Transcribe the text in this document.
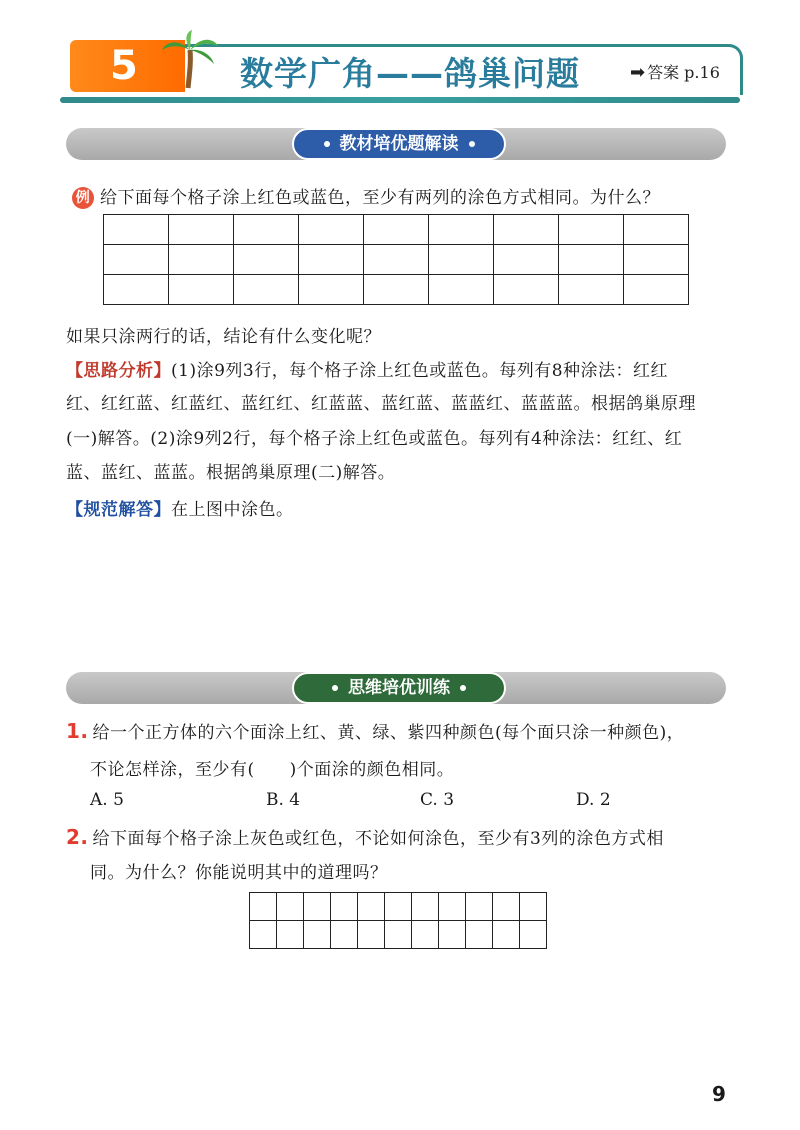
5	数学广角——鸽巢问题	➡ 答案 p.16
教材培优题解读
例 给下面每个格子涂上红色或蓝色，至少有两列的涂色方式相同。为什么？

如果只涂两行的话，结论有什么变化呢？
【思路分析】(1)涂9列3行，每个格子涂上红色或蓝色。每列有8种涂法：红红
红、红红蓝、红蓝红、蓝红红、红蓝蓝、蓝红蓝、蓝蓝红、蓝蓝蓝。根据鸽巢原理
(一)解答。(2)涂9列2行，每个格子涂上红色或蓝色。每列有4种涂法：红红、红
蓝、蓝红、蓝蓝。根据鸽巢原理(二)解答。
【规范解答】在上图中涂色。
思维培优训练
1. 给一个正方体的六个面涂上红、黄、绿、紫四种颜色(每个面只涂一种颜色)，
不论怎样涂，至少有(　　)个面涂的颜色相同。
A. 5	B. 4	C. 3	D. 2
2. 给下面每个格子涂上灰色或红色，不论如何涂色，至少有3列的涂色方式相
同。为什么？你能说明其中的道理吗？

9
